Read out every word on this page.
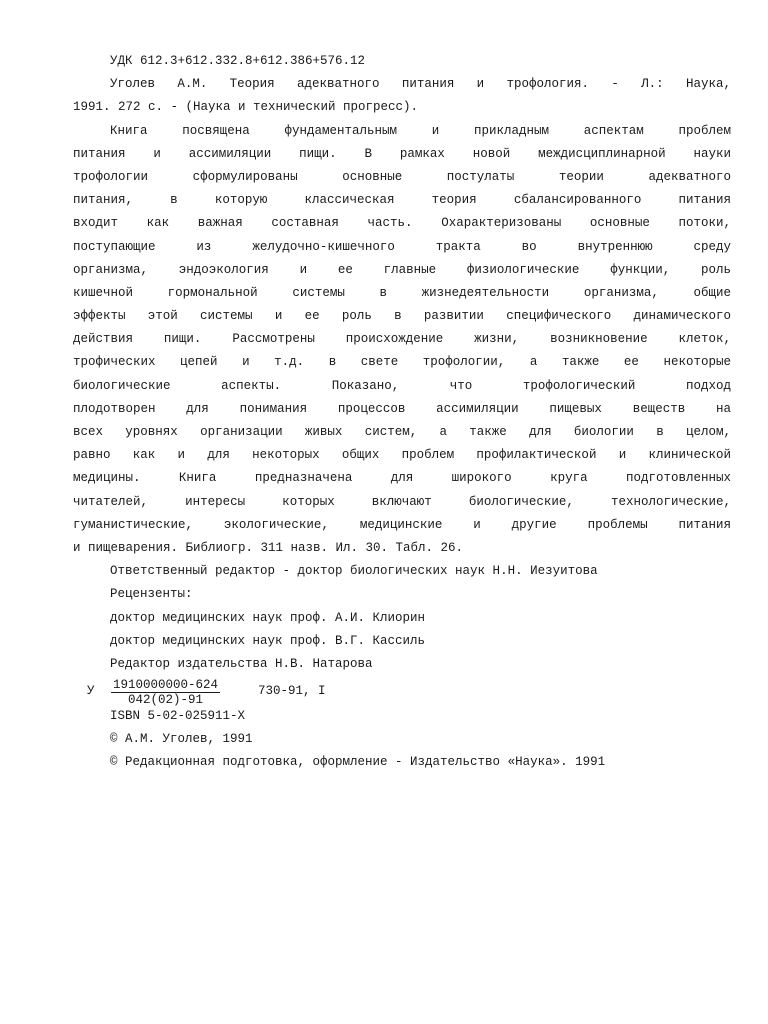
УДК 612.3+612.332.8+612.386+576.12
Уголев А.М. Теория адекватного питания и трофология. - Л.: Наука,
1991. 272 с. - (Наука и технический прогресс).
Книга посвящена фундаментальным и прикладным аспектам проблем
питания и ассимиляции пищи. В рамках новой междисциплинарной науки
трофологии сформулированы основные постулаты теории адекватного
питания, в которую классическая теория сбалансированного питания
входит как важная составная часть. Охарактеризованы основные потоки,
поступающие из желудочно-кишечного тракта во внутреннюю среду
организма, эндоэкология и ее главные физиологические функции, роль
кишечной гормональной системы в жизнедеятельности организма, общие
эффекты этой системы и ее роль в развитии специфического динамического
действия пищи. Рассмотрены происхождение жизни, возникновение клеток,
трофических цепей и т.д. в свете трофологии, а также ее некоторые
биологические аспекты. Показано, что трофологический подход
плодотворен для понимания процессов ассимиляции пищевых веществ на
всех уровнях организации живых систем, а также для биологии в целом,
равно как и для некоторых общих проблем профилактической и клинической
медицины. Книга предназначена для широкого круга подготовленных
читателей, интересы которых включают биологические, технологические,
гуманистические, экологические, медицинские и другие проблемы питания
и пищеварения. Библиогр. 311 назв. Ил. 30. Табл. 26.
Ответственный редактор - доктор биологических наук Н.Н. Иезуитова
Рецензенты:
доктор медицинских наук проф. А.И. Клиорин
доктор медицинских наук проф. В.Г. Кассиль
Редактор издательства Н.В. Натарова
У $\frac{1910000000-624}{042(02)-91}$	730-91, I
ISBN 5-02-025911-X
© А.М. Уголев, 1991
© Редакционная подготовка, оформление - Издательство «Наука». 1991
